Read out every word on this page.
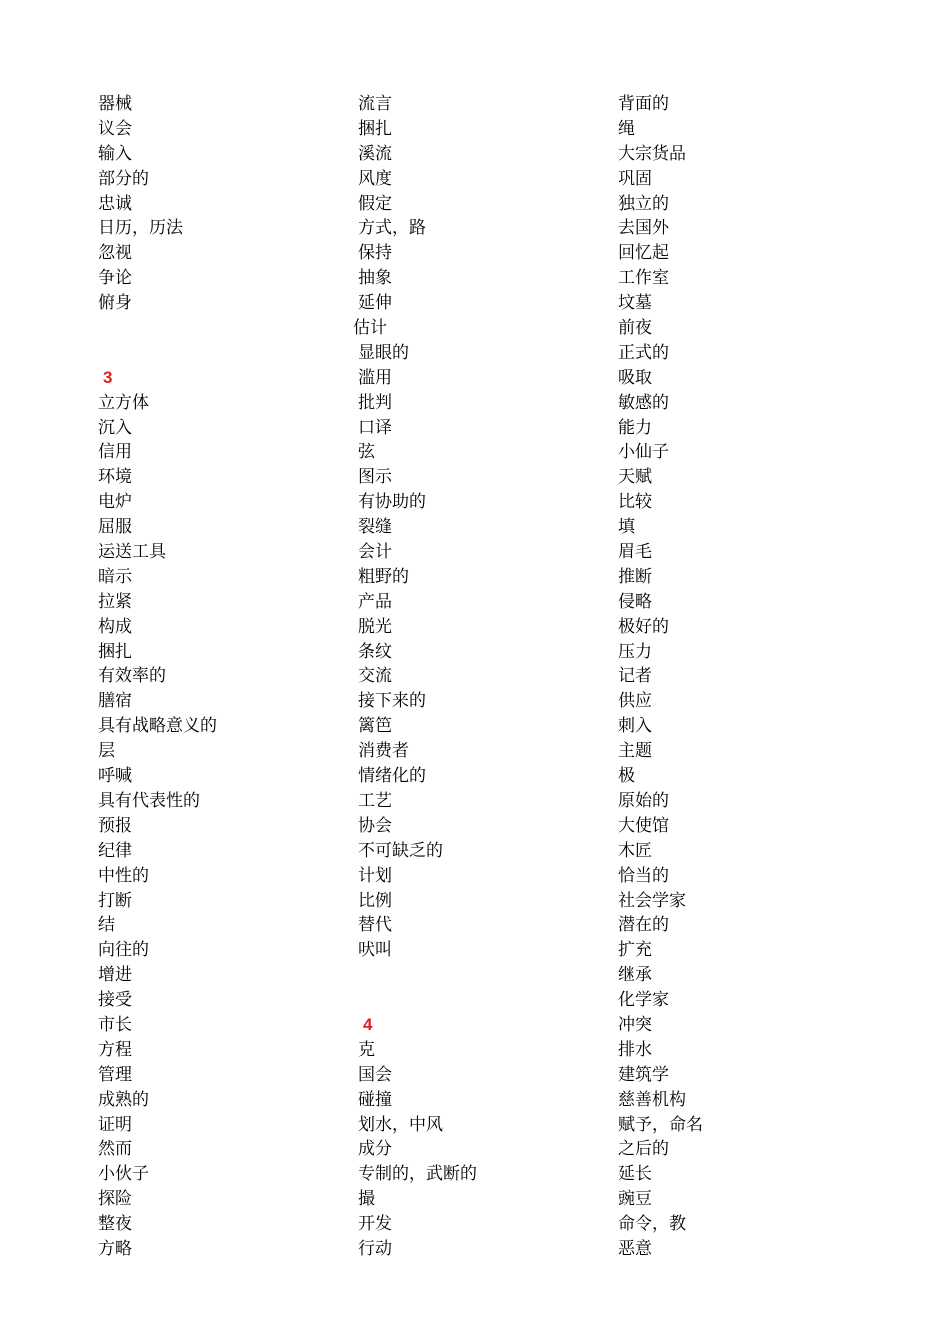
器械
议会
输入
部分的
忠诚
日历，历法
忽视
争论
俯身
3
立方体
沉入
信用
环境
电炉
屈服
运送工具
暗示
拉紧
构成
捆扎
有效率的
膳宿
具有战略意义的
层
呼喊
具有代表性的
预报
纪律
中性的
打断
结
向往的
增进
接受
市长
方程
管理
成熟的
证明
然而
小伙子
探险
整夜
方略
流言
捆扎
溪流
风度
假定
方式，路
保持
抽象
延伸
估计
显眼的
滥用
批判
口译
弦
图示
有协助的
裂缝
会计
粗野的
产品
脱光
条纹
交流
接下来的
篱笆
消费者
情绪化的
工艺
协会
不可缺乏的
计划
比例
替代
吠叫
4
克
国会
碰撞
划水，中风
成分
专制的，武断的
撮
开发
行动
背面的
绳
大宗货品
巩固
独立的
去国外
回忆起
工作室
坟墓
前夜
正式的
吸取
敏感的
能力
小仙子
天赋
比较
填
眉毛
推断
侵略
极好的
压力
记者
供应
刺入
主题
极
原始的
大使馆
木匠
恰当的
社会学家
潜在的
扩充
继承
化学家
冲突
排水
建筑学
慈善机构
赋予，命名
之后的
延长
豌豆
命令，教
恶意
